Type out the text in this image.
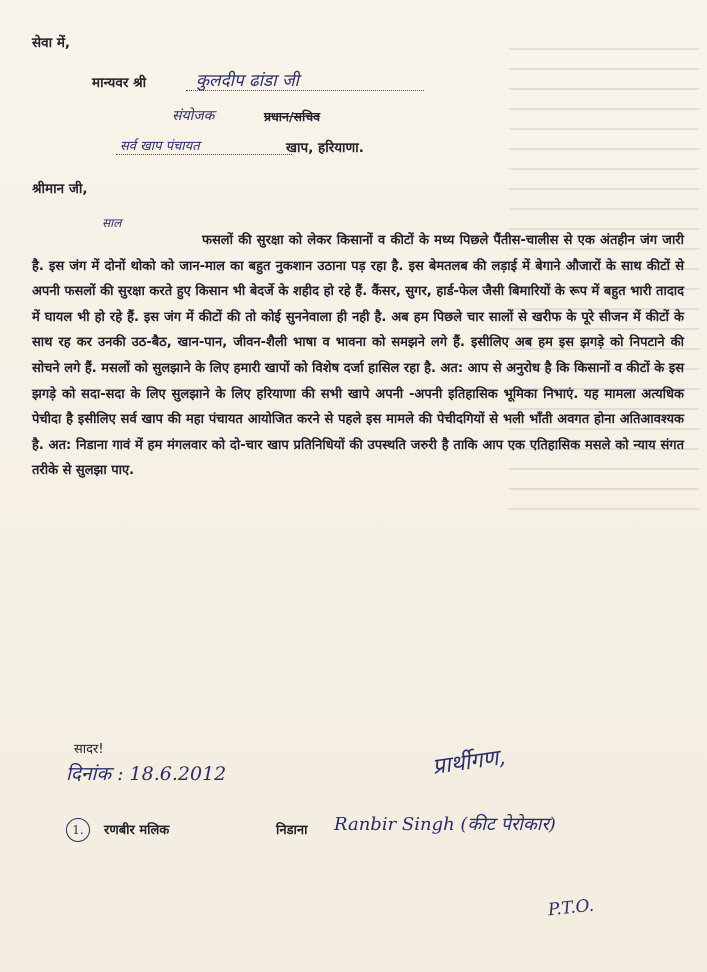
सेवा में,
मान्यवर श्री	कुलदीप ढांडा जी
संयोजक	प्रधान/सचिव
सर्व खाप पंचायत	खाप, हरियाणा.
श्रीमान जी,
साल
फसलों की सुरक्षा को लेकर किसानों व कीटों के मध्य पिछले पैंतीस-चालीस से एक अंतहीन जंग जारी है. इस जंग में दोनों थोको को जान-माल का बहुत नुकशान उठाना पड़ रहा है. इस बेमतलब की लड़ाई में बेगाने औजारों के साथ कीटों से अपनी फसलों की सुरक्षा करते हुए किसान भी बेदर्जे के शहीद हो रहे हैं. कैंसर, सुगर, हार्ड-फेल जैसी बिमारियों के रूप में बहुत भारी तादाद में घायल भी हो रहे हैं. इस जंग में कीटों की तो कोई सुननेवाला ही नही है. अब हम पिछले चार सालों से खरीफ के पूरे सीजन में कीटों के साथ रह कर उनकी उठ-बैठ, खान-पान, जीवन-शैली भाषा व भावना को समझने लगे हैं. इसीलिए अब हम इस झगड़े को निपटाने की सोचने लगे हैं. मसलों को सुलझाने के लिए हमारी खापों को विशेष दर्जा हासिल रहा है. अत: आप से अनुरोध है कि किसानों व कीटों के इस झगड़े को सदा-सदा के लिए सुलझाने के लिए हरियाणा की सभी खापे अपनी -अपनी इतिहासिक भूमिका निभाएं. यह मामला अत्यधिक पेचीदा है इसीलिए सर्व खाप की महा पंचायत आयोजित करने से पहले इस मामले की पेचीदगियों से भली भाँती अवगत होना अतिआवश्यक है. अत: निडाना गावं में हम मंगलवार को दो-चार खाप प्रतिनिधियों की उपस्थति जरुरी है ताकि आप एक एतिहासिक मसले को न्याय संगत तरीके से सुलझा पाए.
सादर!
दिनांक : 18.6.2012	प्रार्थीगण,
1.	रणबीर मलिक	निडाना Ranbir Singh (कीट पेरोकार)
P.T.O.
